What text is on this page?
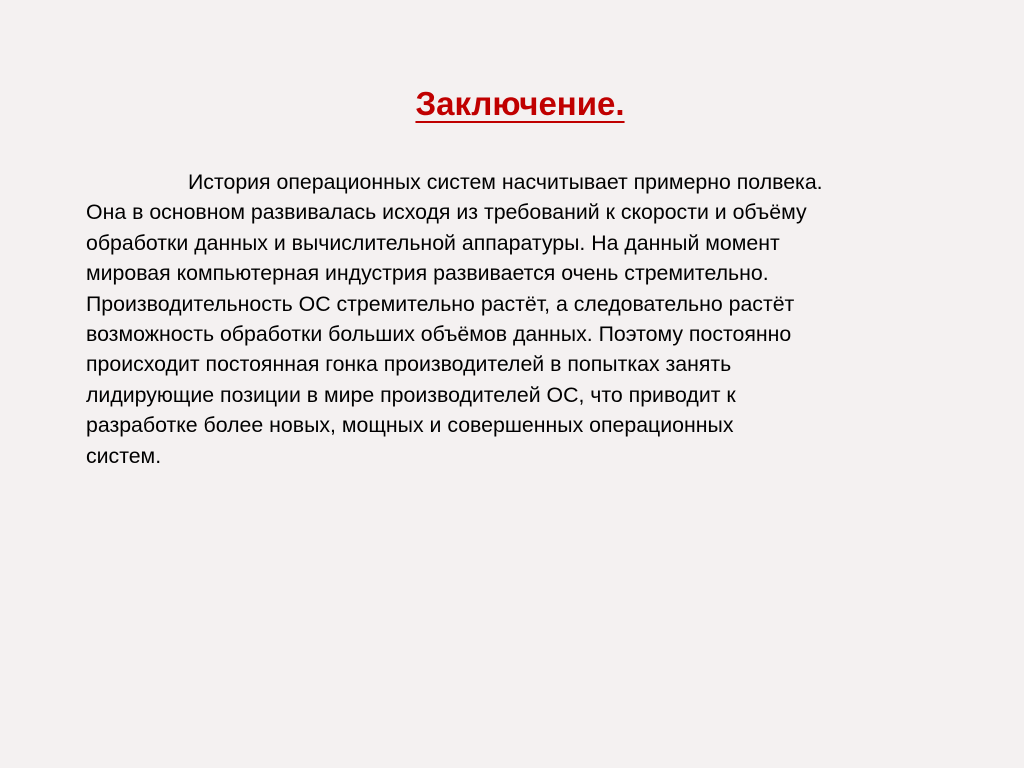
Заключение.
История операционных систем насчитывает примерно полвека.
Она в основном развивалась исходя из требований к скорости и объёму
обработки данных и вычислительной аппаратуры. На данный момент
мировая компьютерная индустрия развивается очень стремительно.
Производительность ОС стремительно растёт, а следовательно растёт
возможность обработки больших объёмов данных. Поэтому постоянно
происходит постоянная гонка производителей в попытках занять
лидирующие позиции в мире производителей ОС, что приводит к
разработке более новых, мощных и совершенных операционных
систем.
